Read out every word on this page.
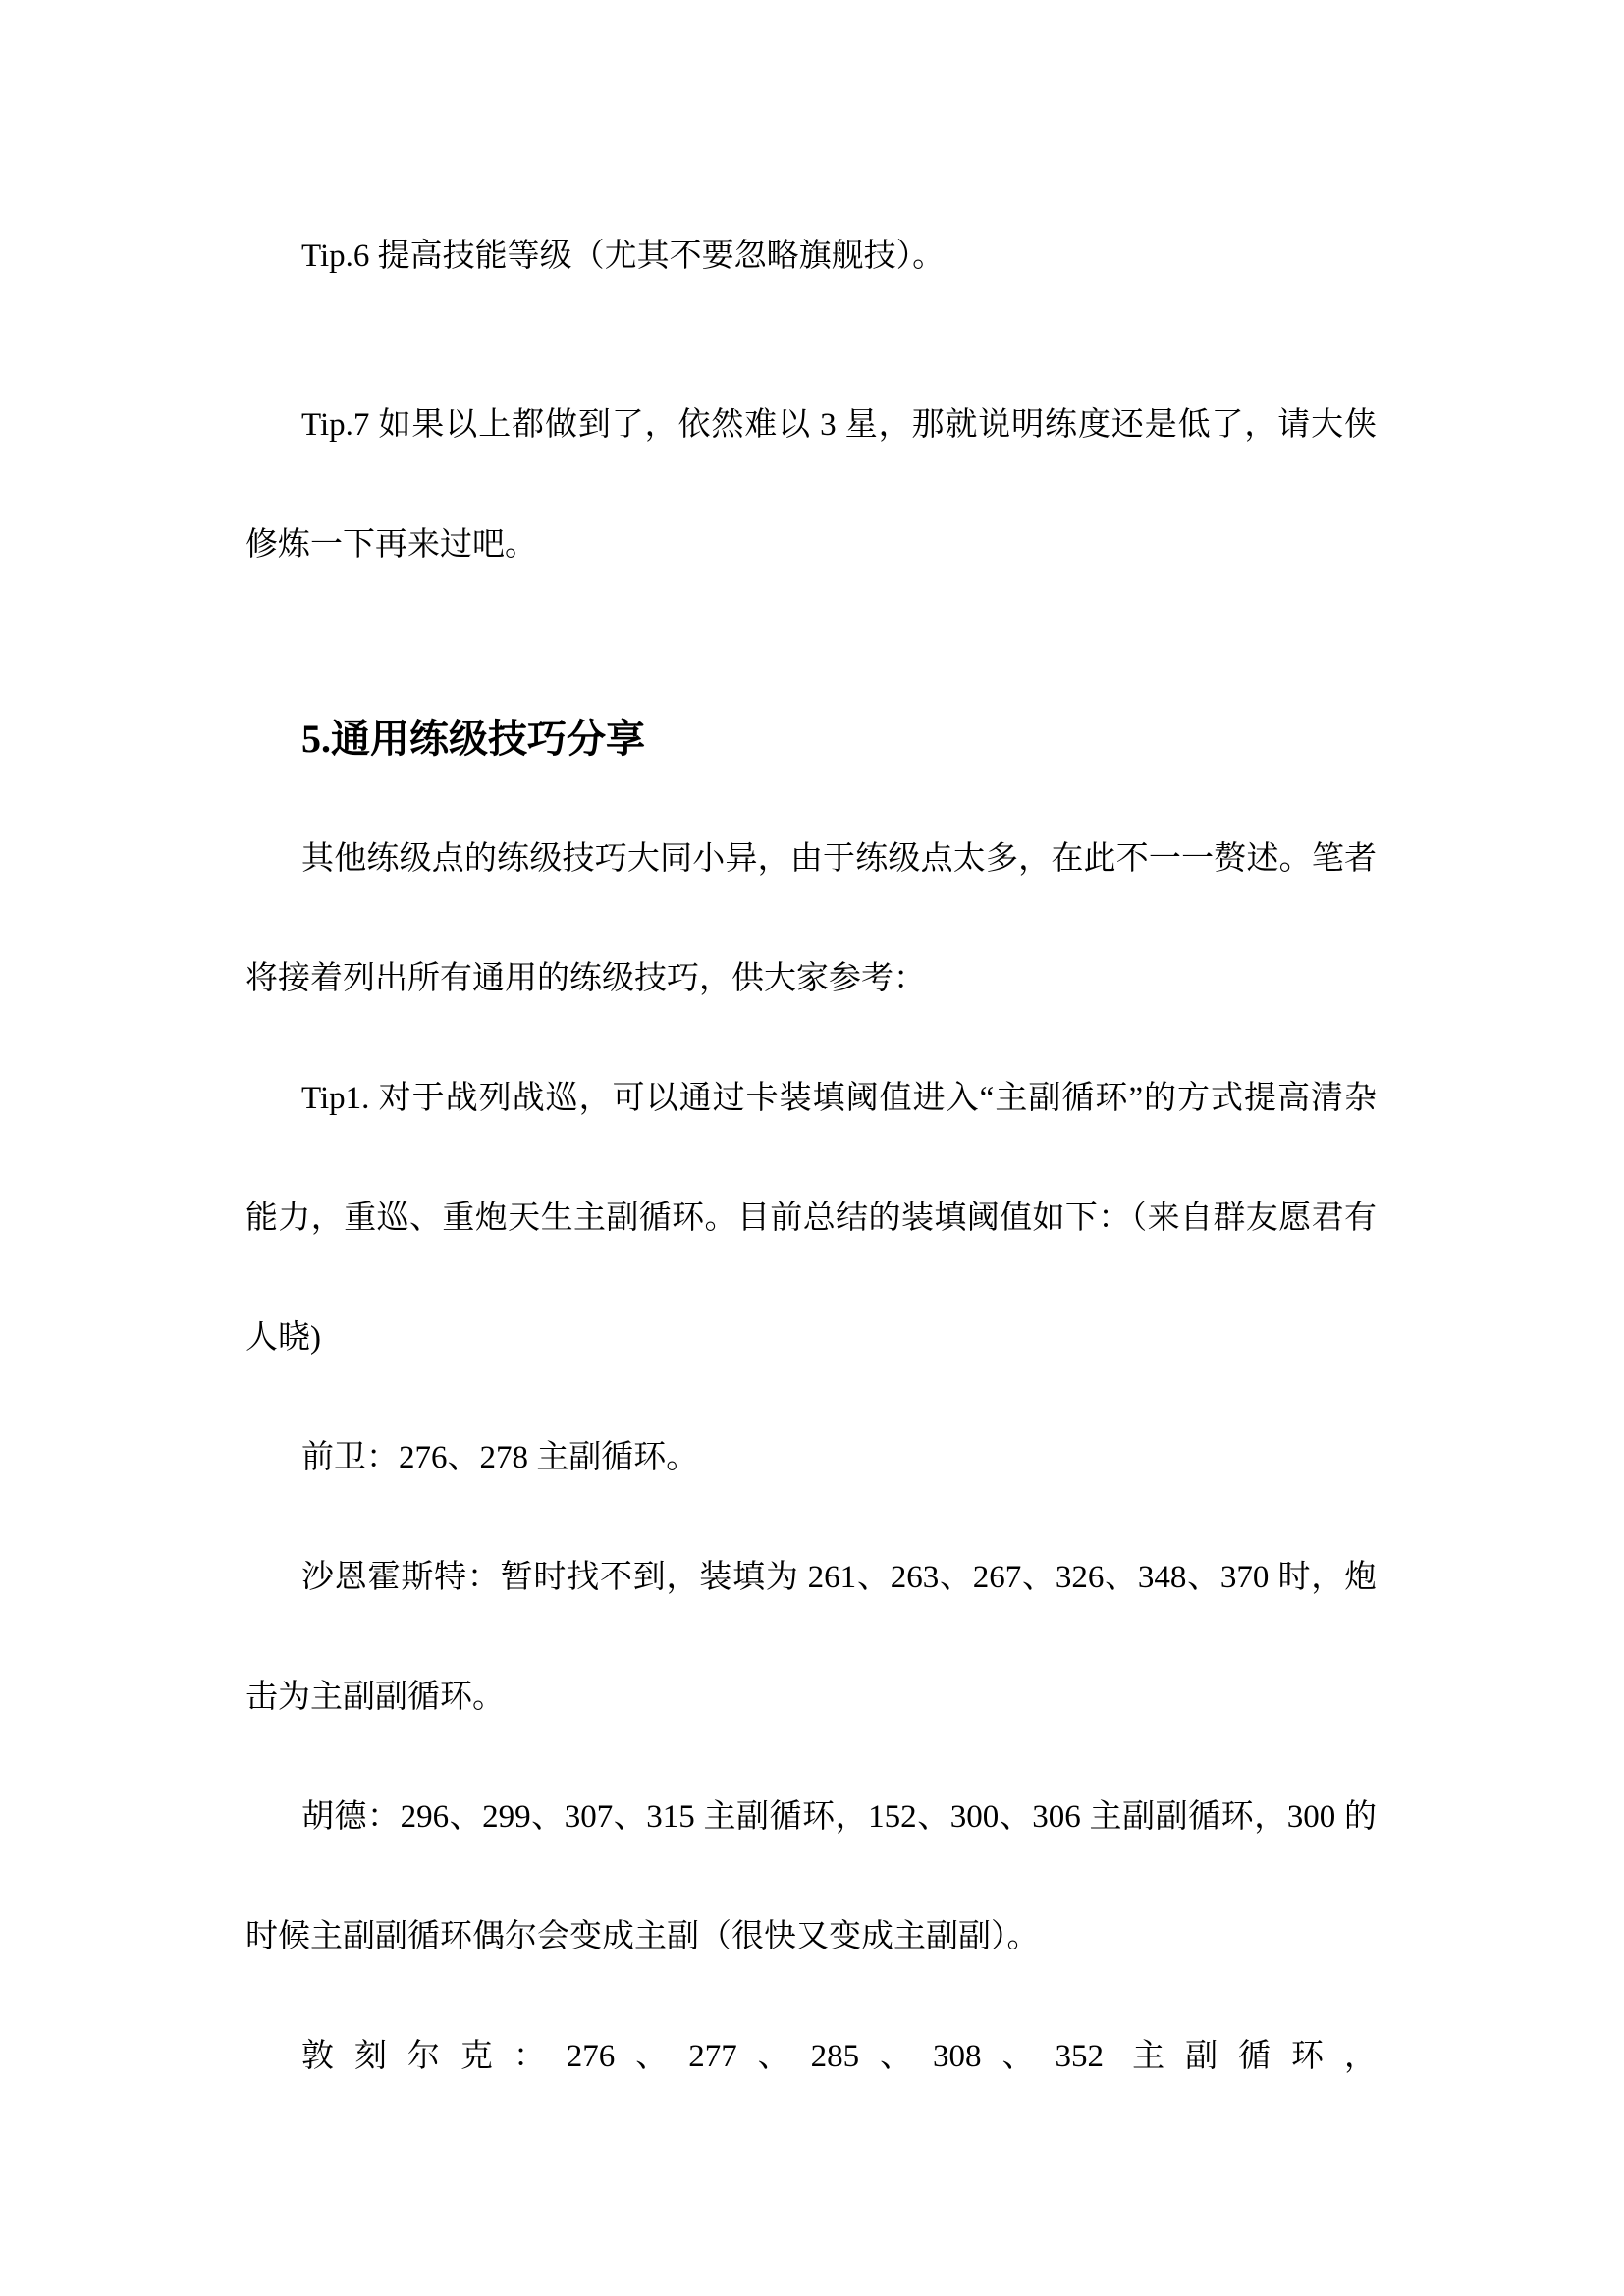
Tip.6 提高技能等级（尤其不要忽略旗舰技）。

Tip.7 如果以上都做到了，依然难以 3 星，那就说明练度还是低了，请大侠修炼一下再来过吧。

5.通用练级技巧分享

其他练级点的练级技巧大同小异，由于练级点太多，在此不一一赘述。笔者将接着列出所有通用的练级技巧，供大家参考：

Tip1. 对于战列战巡，可以通过卡装填阈值进入“主副循环”的方式提高清杂能力，重巡、重炮天生主副循环。目前总结的装填阈值如下：（来自群友愿君有人晓)

前卫：276、278 主副循环。

沙恩霍斯特：暂时找不到，装填为 261、263、267、326、348、370 时，炮击为主副副循环。

胡德：296、299、307、315 主副循环，152、300、306 主副副循环，300 的时候主副副循环偶尔会变成主副（很快又变成主副副）。

敦刻尔克：276、277、285、308、352 主副循环，
